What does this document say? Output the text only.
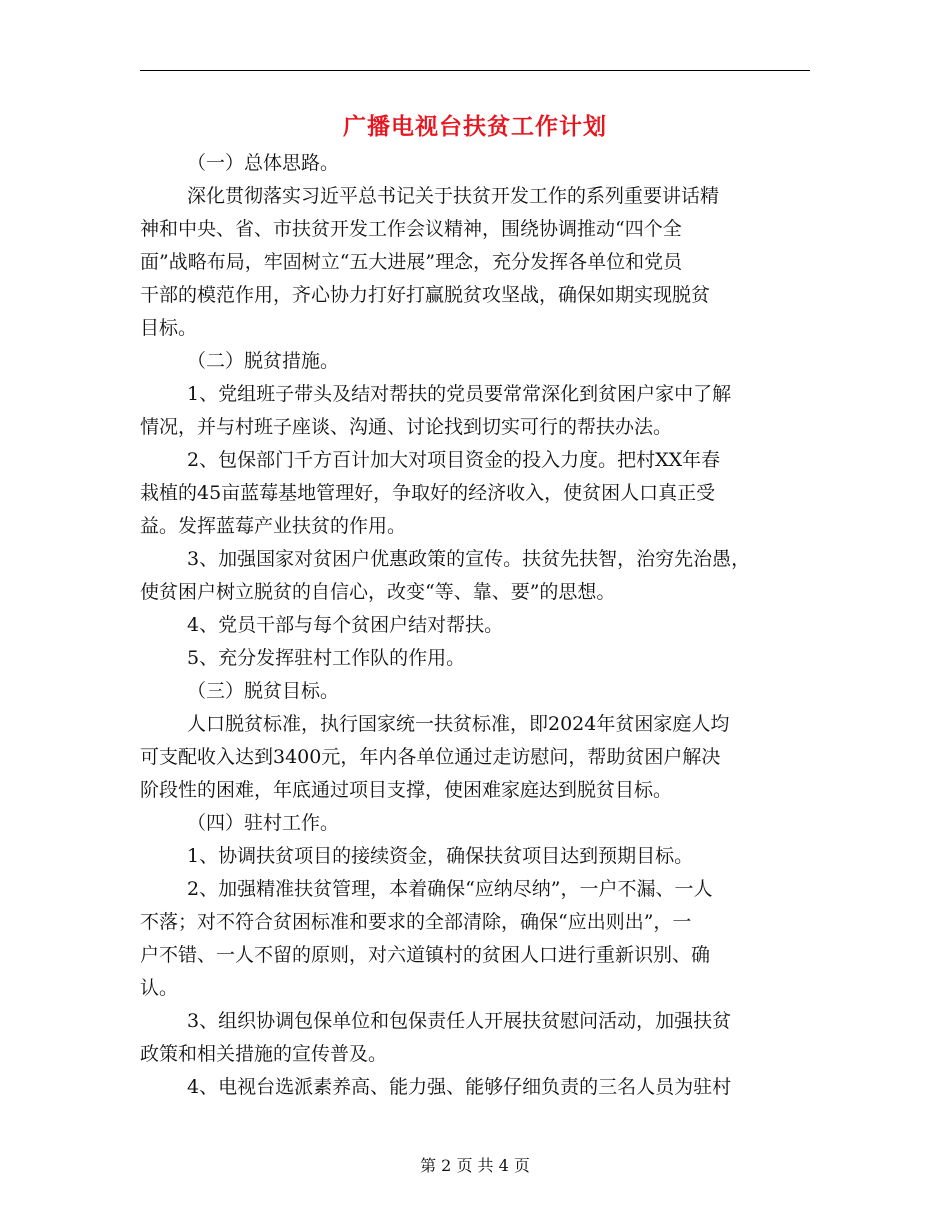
广播电视台扶贫工作计划
（一）总体思路。
深化贯彻落实习近平总书记关于扶贫开发工作的系列重要讲话精
神和中央、省、市扶贫开发工作会议精神，围绕协调推动“四个全
面”战略布局，牢固树立“五大进展”理念，充分发挥各单位和党员
干部的模范作用，齐心协力打好打赢脱贫攻坚战，确保如期实现脱贫
目标。
（二）脱贫措施。
1、党组班子带头及结对帮扶的党员要常常深化到贫困户家中了解
情况，并与村班子座谈、沟通、讨论找到切实可行的帮扶办法。
2、包保部门千方百计加大对项目资金的投入力度。把村XX年春
栽植的45亩蓝莓基地管理好，争取好的经济收入，使贫困人口真正受
益。发挥蓝莓产业扶贫的作用。
3、加强国家对贫困户优惠政策的宣传。扶贫先扶智，治穷先治愚，
使贫困户树立脱贫的自信心，改变“等、靠、要”的思想。
4、党员干部与每个贫困户结对帮扶。
5、充分发挥驻村工作队的作用。
（三）脱贫目标。
人口脱贫标准，执行国家统一扶贫标准，即2024年贫困家庭人均
可支配收入达到3400元，年内各单位通过走访慰问，帮助贫困户解决
阶段性的困难，年底通过项目支撑，使困难家庭达到脱贫目标。
（四）驻村工作。
1、协调扶贫项目的接续资金，确保扶贫项目达到预期目标。
2、加强精准扶贫管理，本着确保“应纳尽纳”，一户不漏、一人
不落；对不符合贫困标准和要求的全部清除，确保“应出则出”，一
户不错、一人不留的原则，对六道镇村的贫困人口进行重新识别、确
认。
3、组织协调包保单位和包保责任人开展扶贫慰问活动，加强扶贫
政策和相关措施的宣传普及。
4、电视台选派素养高、能力强、能够仔细负责的三名人员为驻村
第 2 页 共 4 页
